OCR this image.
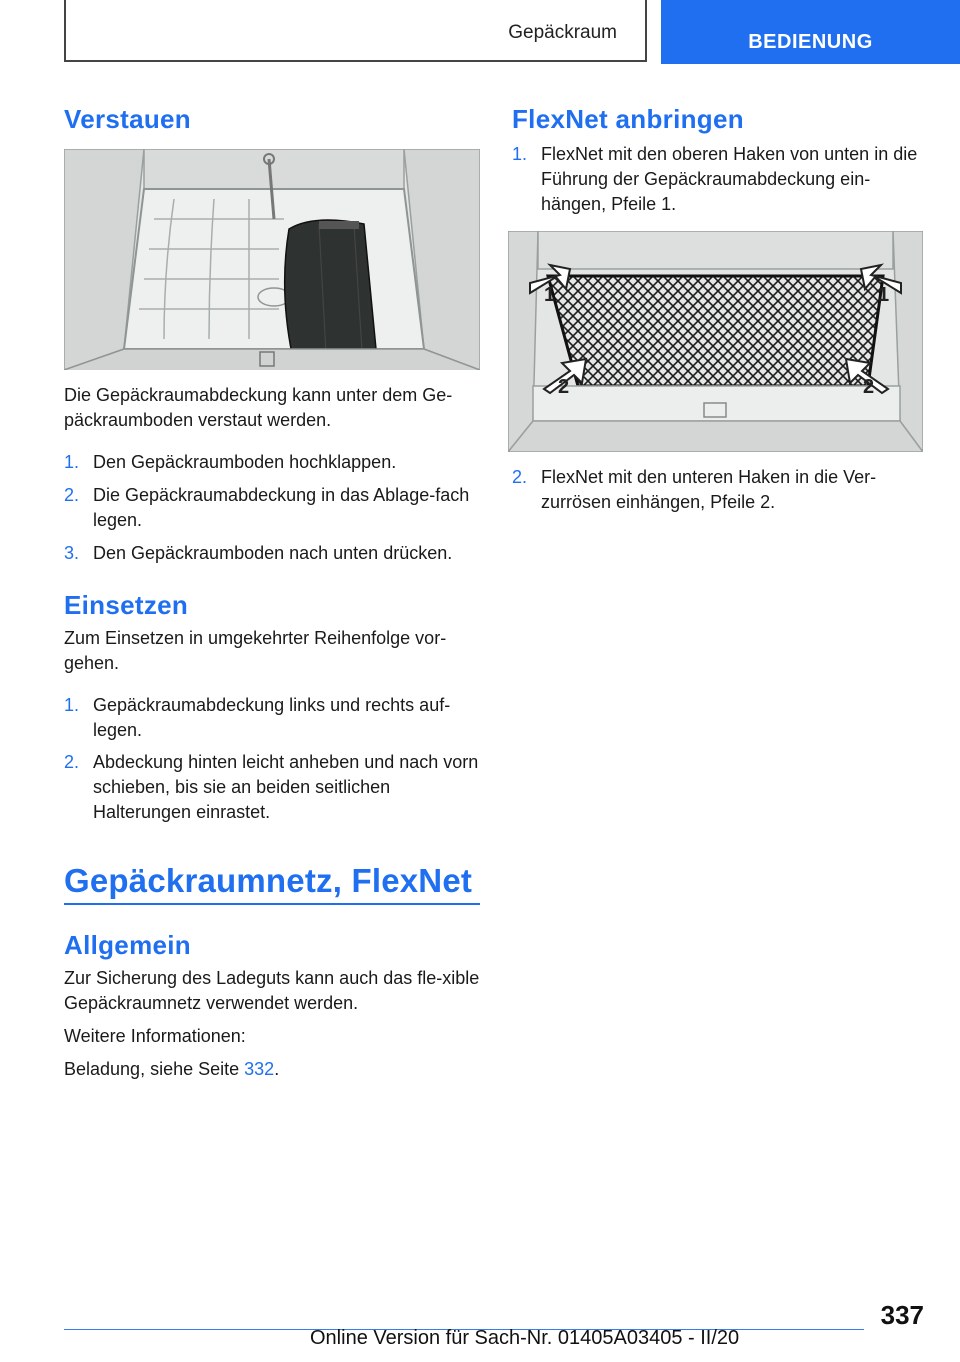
Gepäckraum	BEDIENUNG
Verstauen

Die Gepäckraumabdeckung kann unter dem Ge‐päckraumboden verstaut werden.

1. Den Gepäckraumboden hochklappen.
2. Die Gepäckraumabdeckung in das Ablage‐fach legen.
3. Den Gepäckraumboden nach unten drücken.
Einsetzen

Zum Einsetzen in umgekehrter Reihenfolge vor‐gehen.

1. Gepäckraumabdeckung links und rechts auf‐legen.
2. Abdeckung hinten leicht anheben und nach vorn schieben, bis sie an beiden seitlichen Halterungen einrastet.
Gepäckraumnetz, FlexNet
Allgemein

Zur Sicherung des Ladeguts kann auch das fle‐xible Gepäckraumnetz verwendet werden.

Weitere Informationen:

Beladung, siehe Seite 332.

FlexNet anbringen
1. FlexNet mit den oberen Haken von unten in die Führung der Gepäckraumabdeckung ein‐hängen, Pfeile 1.
1	1
2	2
2. FlexNet mit den unteren Haken in die Ver‐zurrösen einhängen, Pfeile 2.
337
Online Version für Sach-Nr. 01405A03405 - II/20
